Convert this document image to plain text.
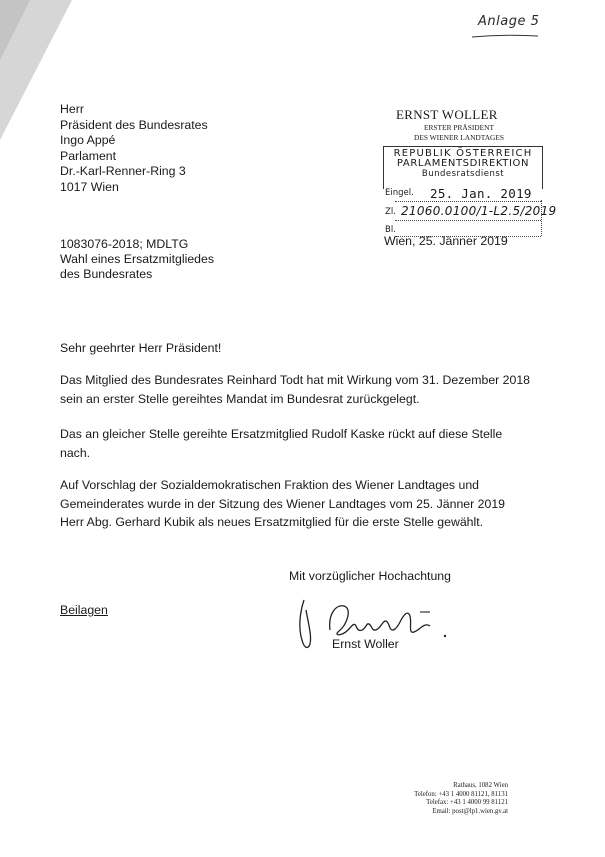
Anlage 5
Herr
Präsident des Bundesrates
Ingo Appé
Parlament
Dr.-Karl-Renner-Ring 3
1017 Wien
ERNST WOLLER
ERSTER PRÄSIDENT
DES WIENER LANDTAGES
REPUBLIK ÖSTERREICH
PARLAMENTSDIREKTION
Bundesratsdienst
Eingel. 25. Jan. 2019
Zl. 21060.0100/1-L2.5/2019
Bl.
Wien, 25. Jänner 2019
1083076-2018; MDLTG
Wahl eines Ersatzmitgliedes
des Bundesrates
Sehr geehrter Herr Präsident!
Das Mitglied des Bundesrates Reinhard Todt hat mit Wirkung vom 31. Dezember 2018
sein an erster Stelle gereihtes Mandat im Bundesrat zurückgelegt.
Das an gleicher Stelle gereihte Ersatzmitglied Rudolf Kaske rückt auf diese Stelle
nach.
Auf Vorschlag der Sozialdemokratischen Fraktion des Wiener Landtages und
Gemeinderates wurde in der Sitzung des Wiener Landtages vom 25. Jänner 2019
Herr Abg. Gerhard Kubik als neues Ersatzmitglied für die erste Stelle gewählt.
Mit vorzüglicher Hochachtung
Beilagen
Ernst Woller
Rathaus, 1082 Wien
Telefon: +43 1 4000 81121, 81131
Telefax: +43 1 4000 99 81121
Email: post@lp1.wien.gv.at
